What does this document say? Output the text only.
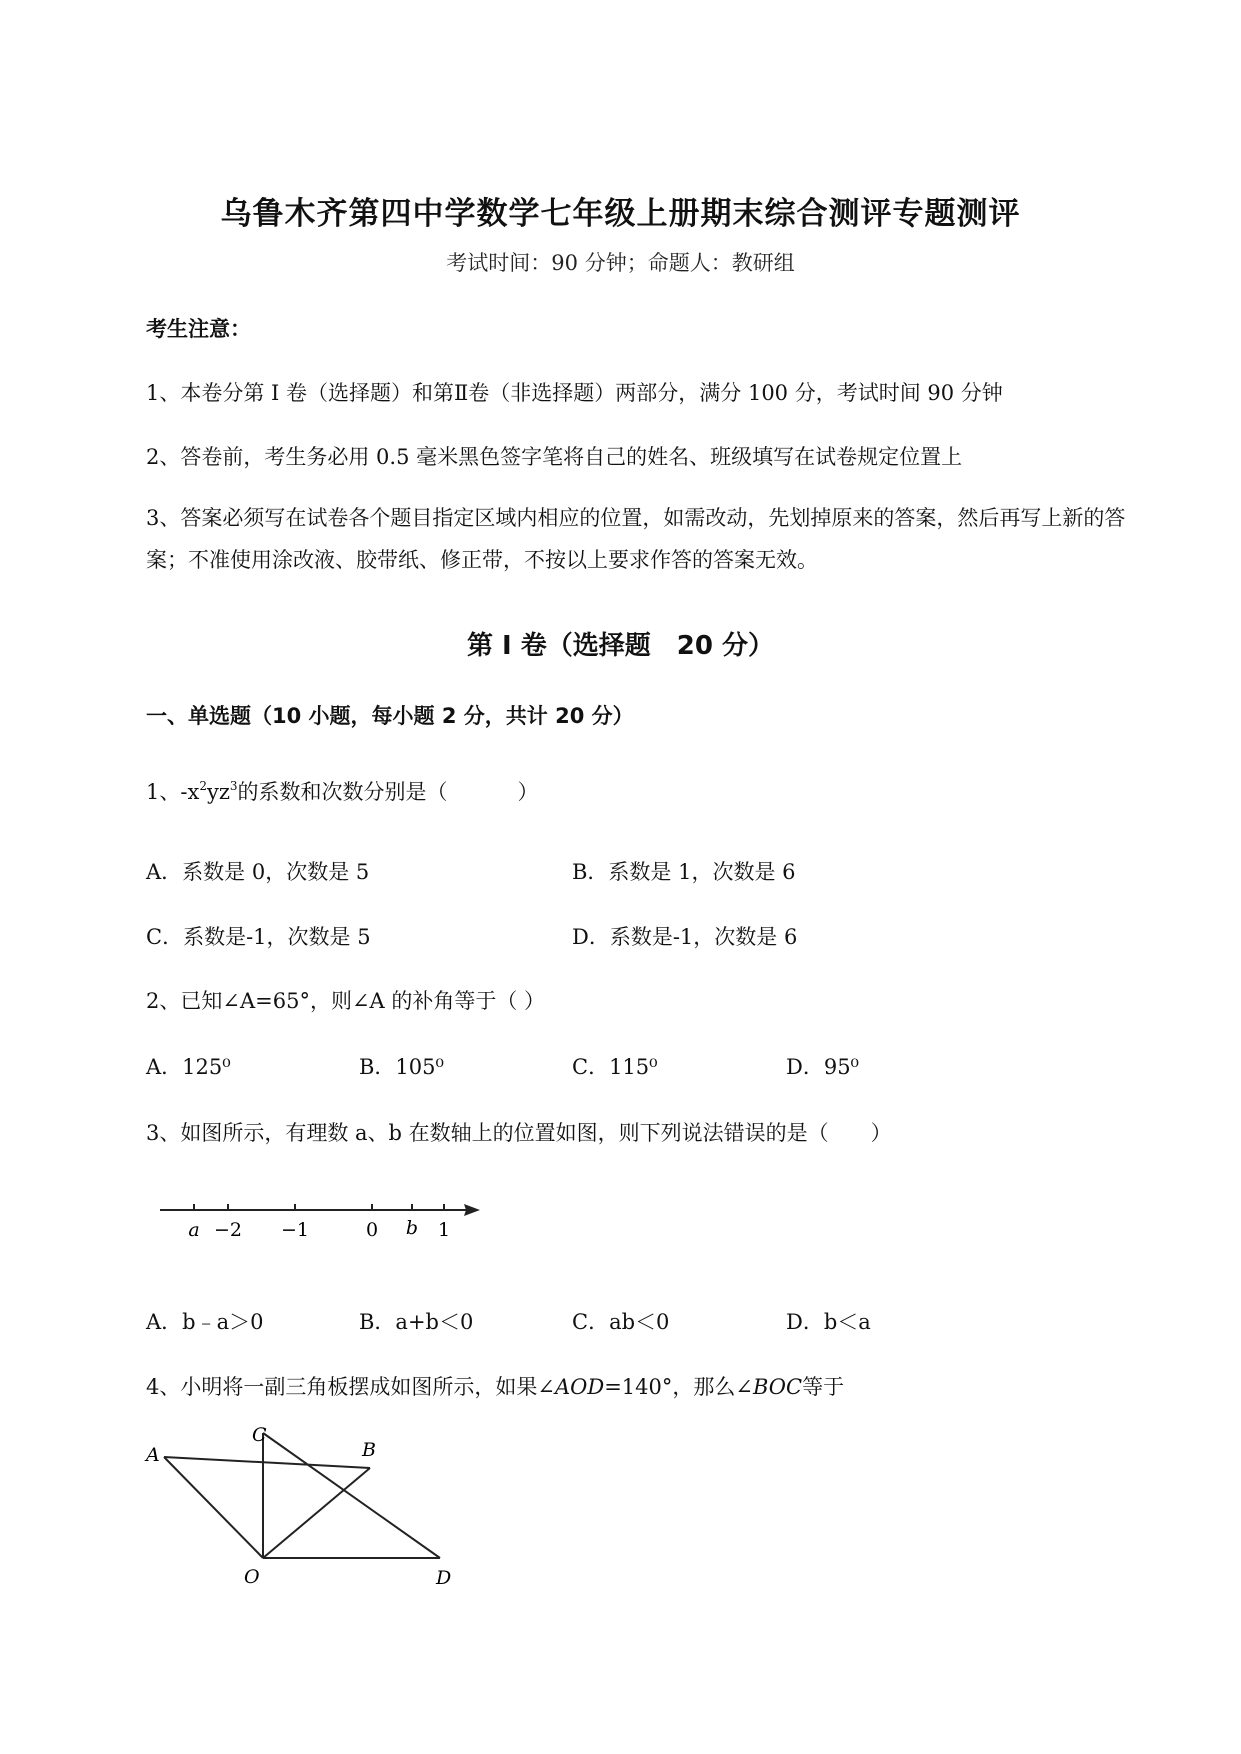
乌鲁木齐第四中学数学七年级上册期末综合测评专题测评
考试时间：90 分钟；命题人：教研组
考生注意：
1、本卷分第 I 卷（选择题）和第Ⅱ卷（非选择题）两部分，满分 100 分，考试时间 90 分钟
2、答卷前，考生务必用 0.5 毫米黑色签字笔将自己的姓名、班级填写在试卷规定位置上
3、答案必须写在试卷各个题目指定区域内相应的位置，如需改动，先划掉原来的答案，然后再写上新的答案；不准使用涂改液、胶带纸、修正带，不按以上要求作答的答案无效。
第 I 卷（选择题　20 分）
一、单选题（10 小题，每小题 2 分，共计 20 分）
1、$-x^2yz^3$的系数和次数分别是（	）
A．系数是 0，次数是 5	B．系数是 1，次数是 6
C．系数是-1，次数是 5	D．系数是-1，次数是 6
2、已知∠A=65°，则∠A 的补角等于（ ）
A．125⁰	B．105⁰	C．115⁰	D．95⁰
3、如图所示，有理数 a、b 在数轴上的位置如图，则下列说法错误的是（　　）
a −2 −1	0 b 1
A．b﹣a＞0	B．a+b＜0	C．ab＜0	D．b＜a
4、小明将一副三角板摆成如图所示，如果∠AOD=140°，那么∠BOC等于
A
C
B
O	D
